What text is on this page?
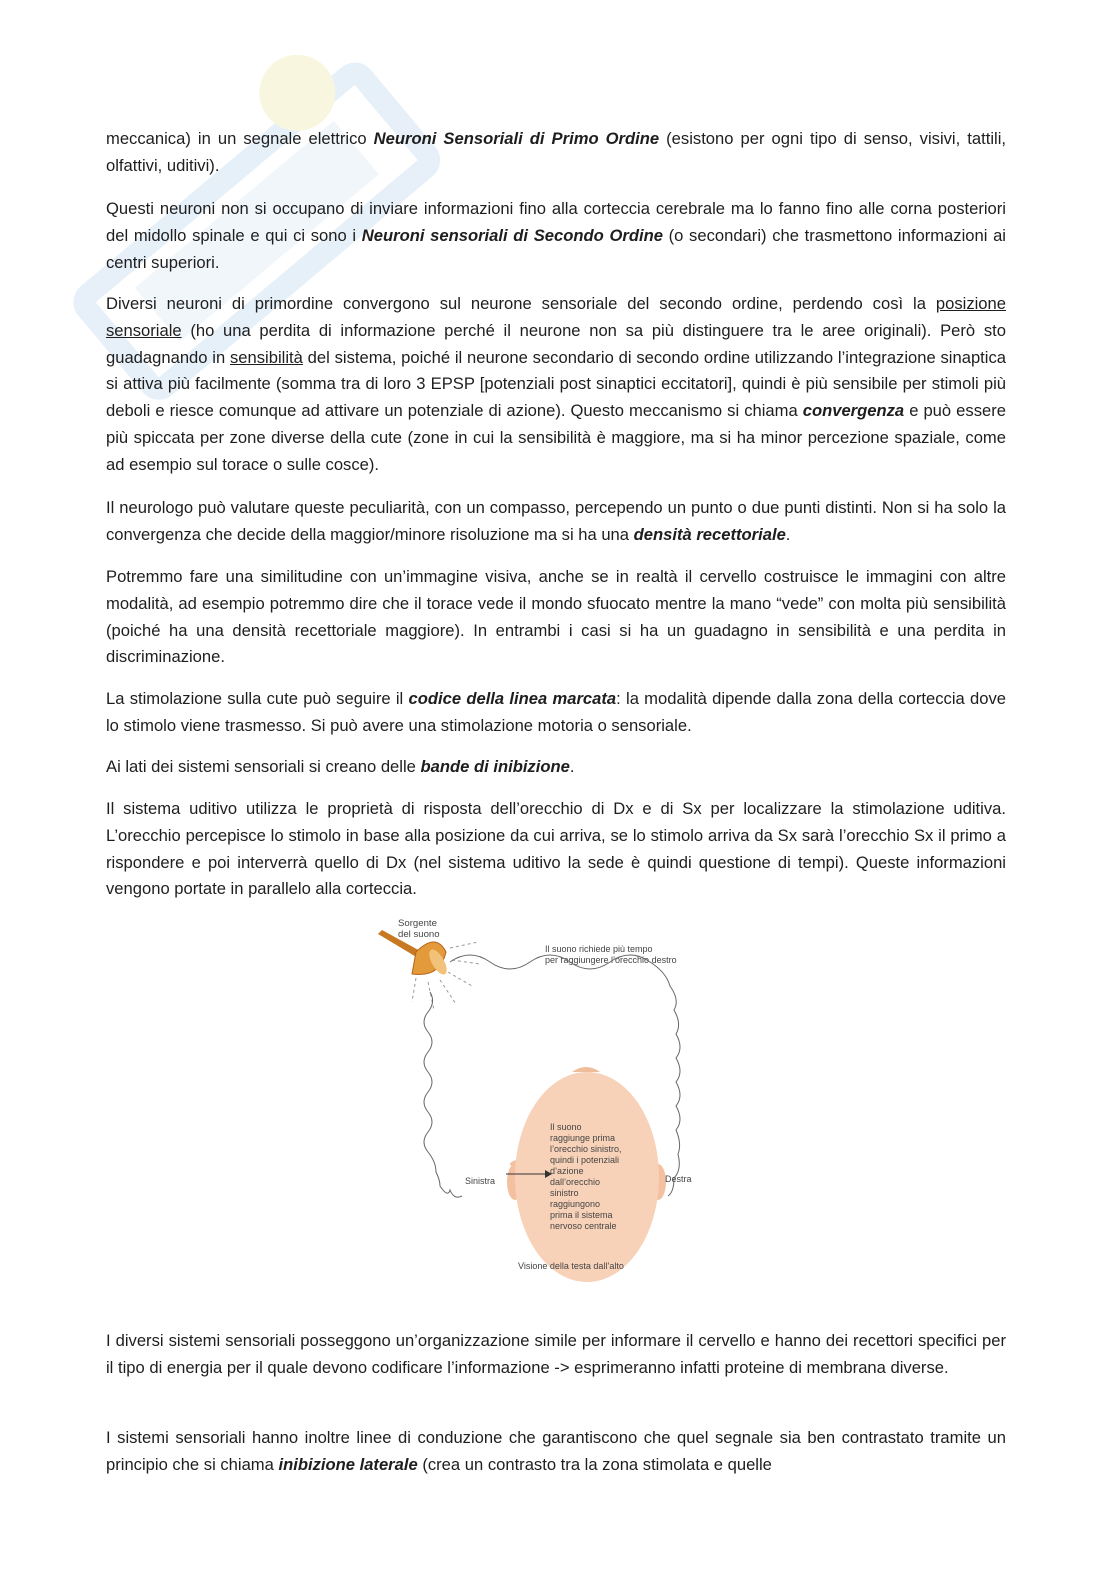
meccanica) in un segnale elettrico Neuroni Sensoriali di Primo Ordine (esistono per ogni tipo di senso, visivi, tattili, olfattivi, uditivi).

Questi neuroni non si occupano di inviare informazioni fino alla corteccia cerebrale ma lo fanno fino alle corna posteriori del midollo spinale e qui ci sono i Neuroni sensoriali di Secondo Ordine (o secondari) che trasmettono informazioni ai centri superiori.

Diversi neuroni di primordine convergono sul neurone sensoriale del secondo ordine, perdendo così la posizione sensoriale (ho una perdita di informazione perché il neurone non sa più distinguere tra le aree originali). Però sto guadagnando in sensibilità del sistema, poiché il neurone secondario di secondo ordine utilizzando l’integrazione sinaptica si attiva più facilmente (somma tra di loro 3 EPSP [potenziali post sinaptici eccitatori], quindi è più sensibile per stimoli più deboli e riesce comunque ad attivare un potenziale di azione). Questo meccanismo si chiama convergenza e può essere più spiccata per zone diverse della cute (zone in cui la sensibilità è maggiore, ma si ha minor percezione spaziale, come ad esempio sul torace o sulle cosce).

Il neurologo può valutare queste peculiarità, con un compasso, percependo un punto o due punti distinti. Non si ha solo la convergenza che decide della maggior/minore risoluzione ma si ha una densità recettoriale.

Potremmo fare una similitudine con un’immagine visiva, anche se in realtà il cervello costruisce le immagini con altre modalità, ad esempio potremmo dire che il torace vede il mondo sfuocato mentre la mano “vede” con molta più sensibilità (poiché ha una densità recettoriale maggiore). In entrambi i casi si ha un guadagno in sensibilità e una perdita in discriminazione.

La stimolazione sulla cute può seguire il codice della linea marcata: la modalità dipende dalla zona della corteccia dove lo stimolo viene trasmesso. Si può avere una stimolazione motoria o sensoriale.

Ai lati dei sistemi sensoriali si creano delle bande di inibizione.

Il sistema uditivo utilizza le proprietà di risposta dell’orecchio di Dx e di Sx per localizzare la stimolazione uditiva. L’orecchio percepisce lo stimolo in base alla posizione da cui arriva, se lo stimolo arriva da Sx sarà l’orecchio Sx il primo a rispondere e poi interverrà quello di Dx (nel sistema uditivo la sede è quindi questione di tempi). Queste informazioni vengono portate in parallelo alla corteccia.

Sorgente
del suono
Il suono richiede più tempo
per raggiungere l’orecchio destro
Il suono
raggiunge prima
l’orecchio sinistro,
quindi i potenziali
d’azione
dall’orecchio
sinistro
raggiungono
prima il sistema
nervoso centrale
Sinistra	Destra
Visione della testa dall’alto

I diversi sistemi sensoriali posseggono un’organizzazione simile per informare il cervello e hanno dei recettori specifici per il tipo di energia per il quale devono codificare l’informazione -> esprimeranno infatti proteine di membrana diverse.

I sistemi sensoriali hanno inoltre linee di conduzione che garantiscono che quel segnale sia ben contrastato tramite un principio che si chiama inibizione laterale (crea un contrasto tra la zona stimolata e quelle
